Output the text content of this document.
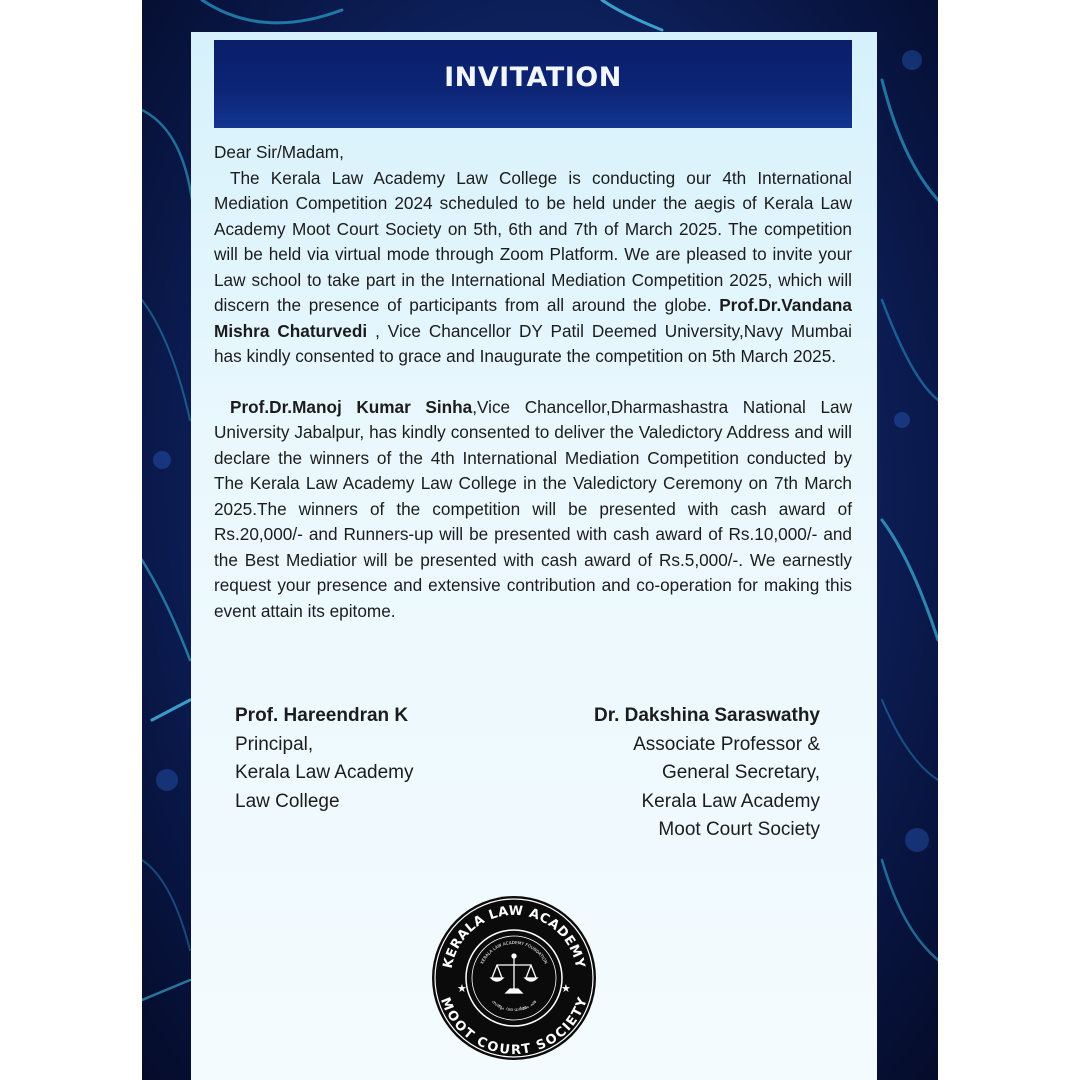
INVITATION

Dear Sir/Madam,

The Kerala Law Academy Law College is conducting our 4th International Mediation Competition 2024 scheduled to be held under the aegis of Kerala Law Academy Moot Court Society on 5th, 6th and 7th of March 2025. The competition will be held via virtual mode through Zoom Platform. We are pleased to invite your Law school to take part in the International Mediation Competition 2025, which will discern the presence of participants from all around the globe. Prof.Dr.Vandana Mishra Chaturvedi , Vice Chancellor DY Patil Deemed University,Navy Mumbai has kindly consented to grace and Inaugurate the competition on 5th March 2025.

Prof.Dr.Manoj Kumar Sinha,Vice Chancellor,Dharmashastra National Law University Jabalpur, has kindly consented to deliver the Valedictory Address and will declare the winners of the 4th International Mediation Competition conducted by The Kerala Law Academy Law College in the Valedictory Ceremony on 7th March 2025.The winners of the competition will be presented with cash award of Rs.20,000/- and Runners-up will be presented with cash award of Rs.10,000/- and the Best Mediatior will be presented with cash award of Rs.5,000/-. We earnestly request your presence and extensive contribution and co-operation for making this event attain its epitome.

Prof. Hareendran K
Principal,
Kerala Law Academy
Law College
Dr. Dakshina Saraswathy
Associate Professor &
General Secretary,
Kerala Law Academy
Moot Court Society
KERALA LAW ACADEMY
MOOT COURT SOCIETY
KERALA LAW ACADEMY FOUNDATION
സത്യം വദ ധർമ്മം ചര
★	★
